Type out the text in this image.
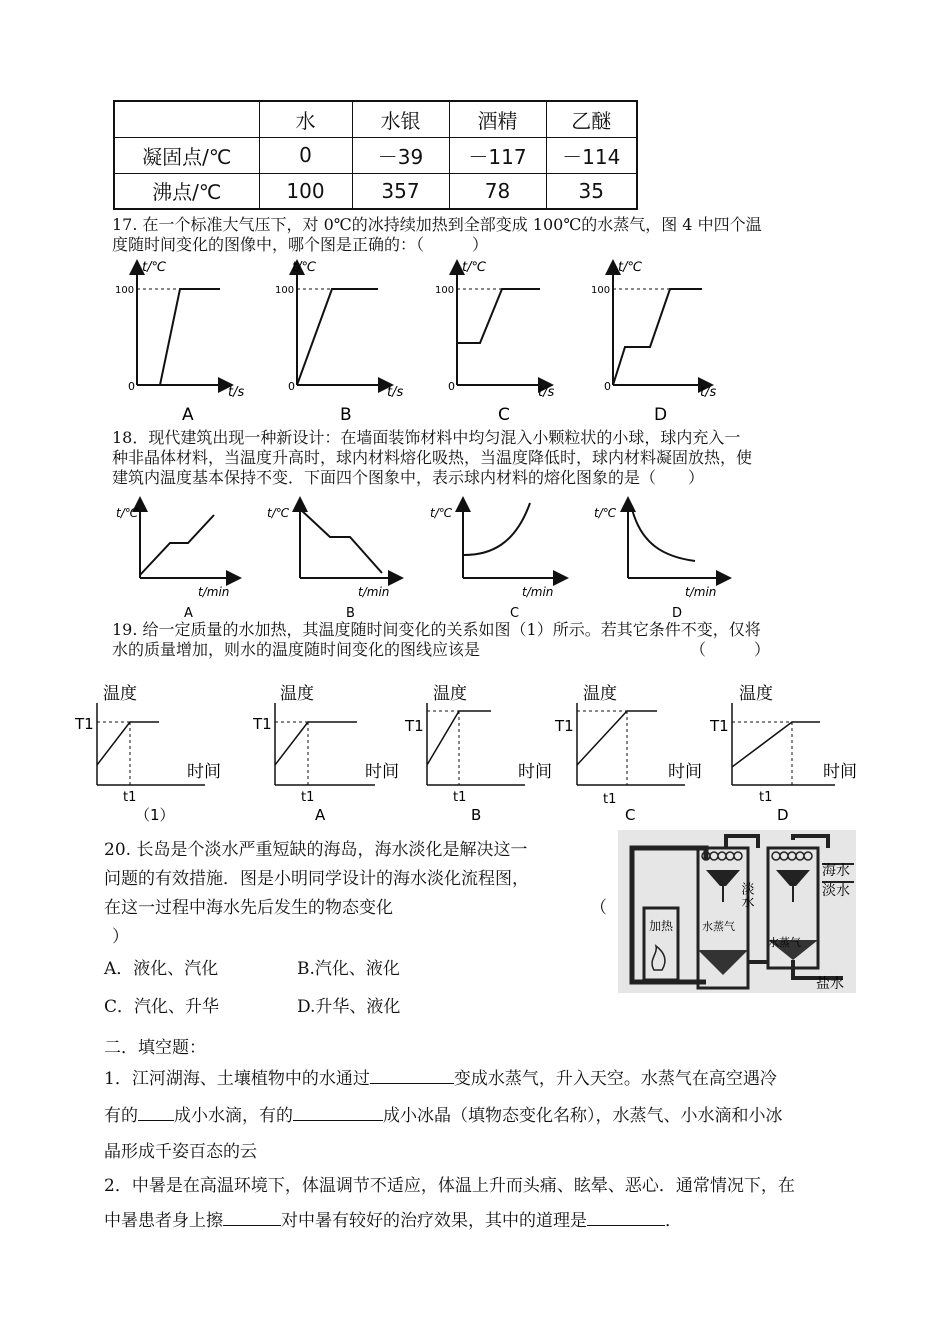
	水	水银	酒精	乙醚
凝固点/℃	0	－39	－117	－114
沸点/℃	100	357	78	35
17. 在一个标准大气压下，对 0℃的冰持续加热到全部变成 100℃的水蒸气，图 4 中四个温
度随时间变化的图像中，哪个图是正确的：（　　　）
t/℃
100
0	t/s
A
t/℃
100
0	t/s
B
t/℃
100
0	t/s
C
t/℃
100
0	t/s
D
18．现代建筑出现一种新设计：在墙面装饰材料中均匀混入小颗粒状的小球，球内充入一
种非晶体材料，当温度升高时，球内材料熔化吸热，当温度降低时，球内材料凝固放热，使
建筑内温度基本保持不变．下面四个图象中，表示球内材料的熔化图象的是（　　）
t/℃
t/min
A
t/℃
t/min
B
t/℃
t/min
C
t/℃
t/min
D
19. 给一定质量的水加热，其温度随时间变化的关系如图（1）所示。若其它条件不变，仅将
水的质量增加，则水的温度随时间变化的图线应该是	（　　　）
温度
T1
时间
t1
（1）
温度
T1
时间
t1
A
温度
T1
时间
t1
B
温度
T1
时间
t1
C
温度
T1
时间
t1
D
20. 长岛是个淡水严重短缺的海岛，海水淡化是解决这一
问题的有效措施．图是小明同学设计的海水淡化流程图，
在这一过程中海水先后发生的物态变化	（
）
A．液化、汽化	B.汽化、液化
C．汽化、升华	D.升华、液化
海水
淡水
淡水
加热	水蒸气
水蒸气
盐水
二．填空题：
1．江河湖海、土壤植物中的水通过	变成水蒸气，升入天空。水蒸气在高空遇冷
有的 成小水滴，有的	成小冰晶（填物态变化名称），水蒸气、小水滴和小冰
晶形成千姿百态的云
2．中暑是在高温环境下，体温调节不适应，体温上升而头痛、眩晕、恶心．通常情况下，在
中暑患者身上擦	对中暑有较好的治疗效果，其中的道理是	．
